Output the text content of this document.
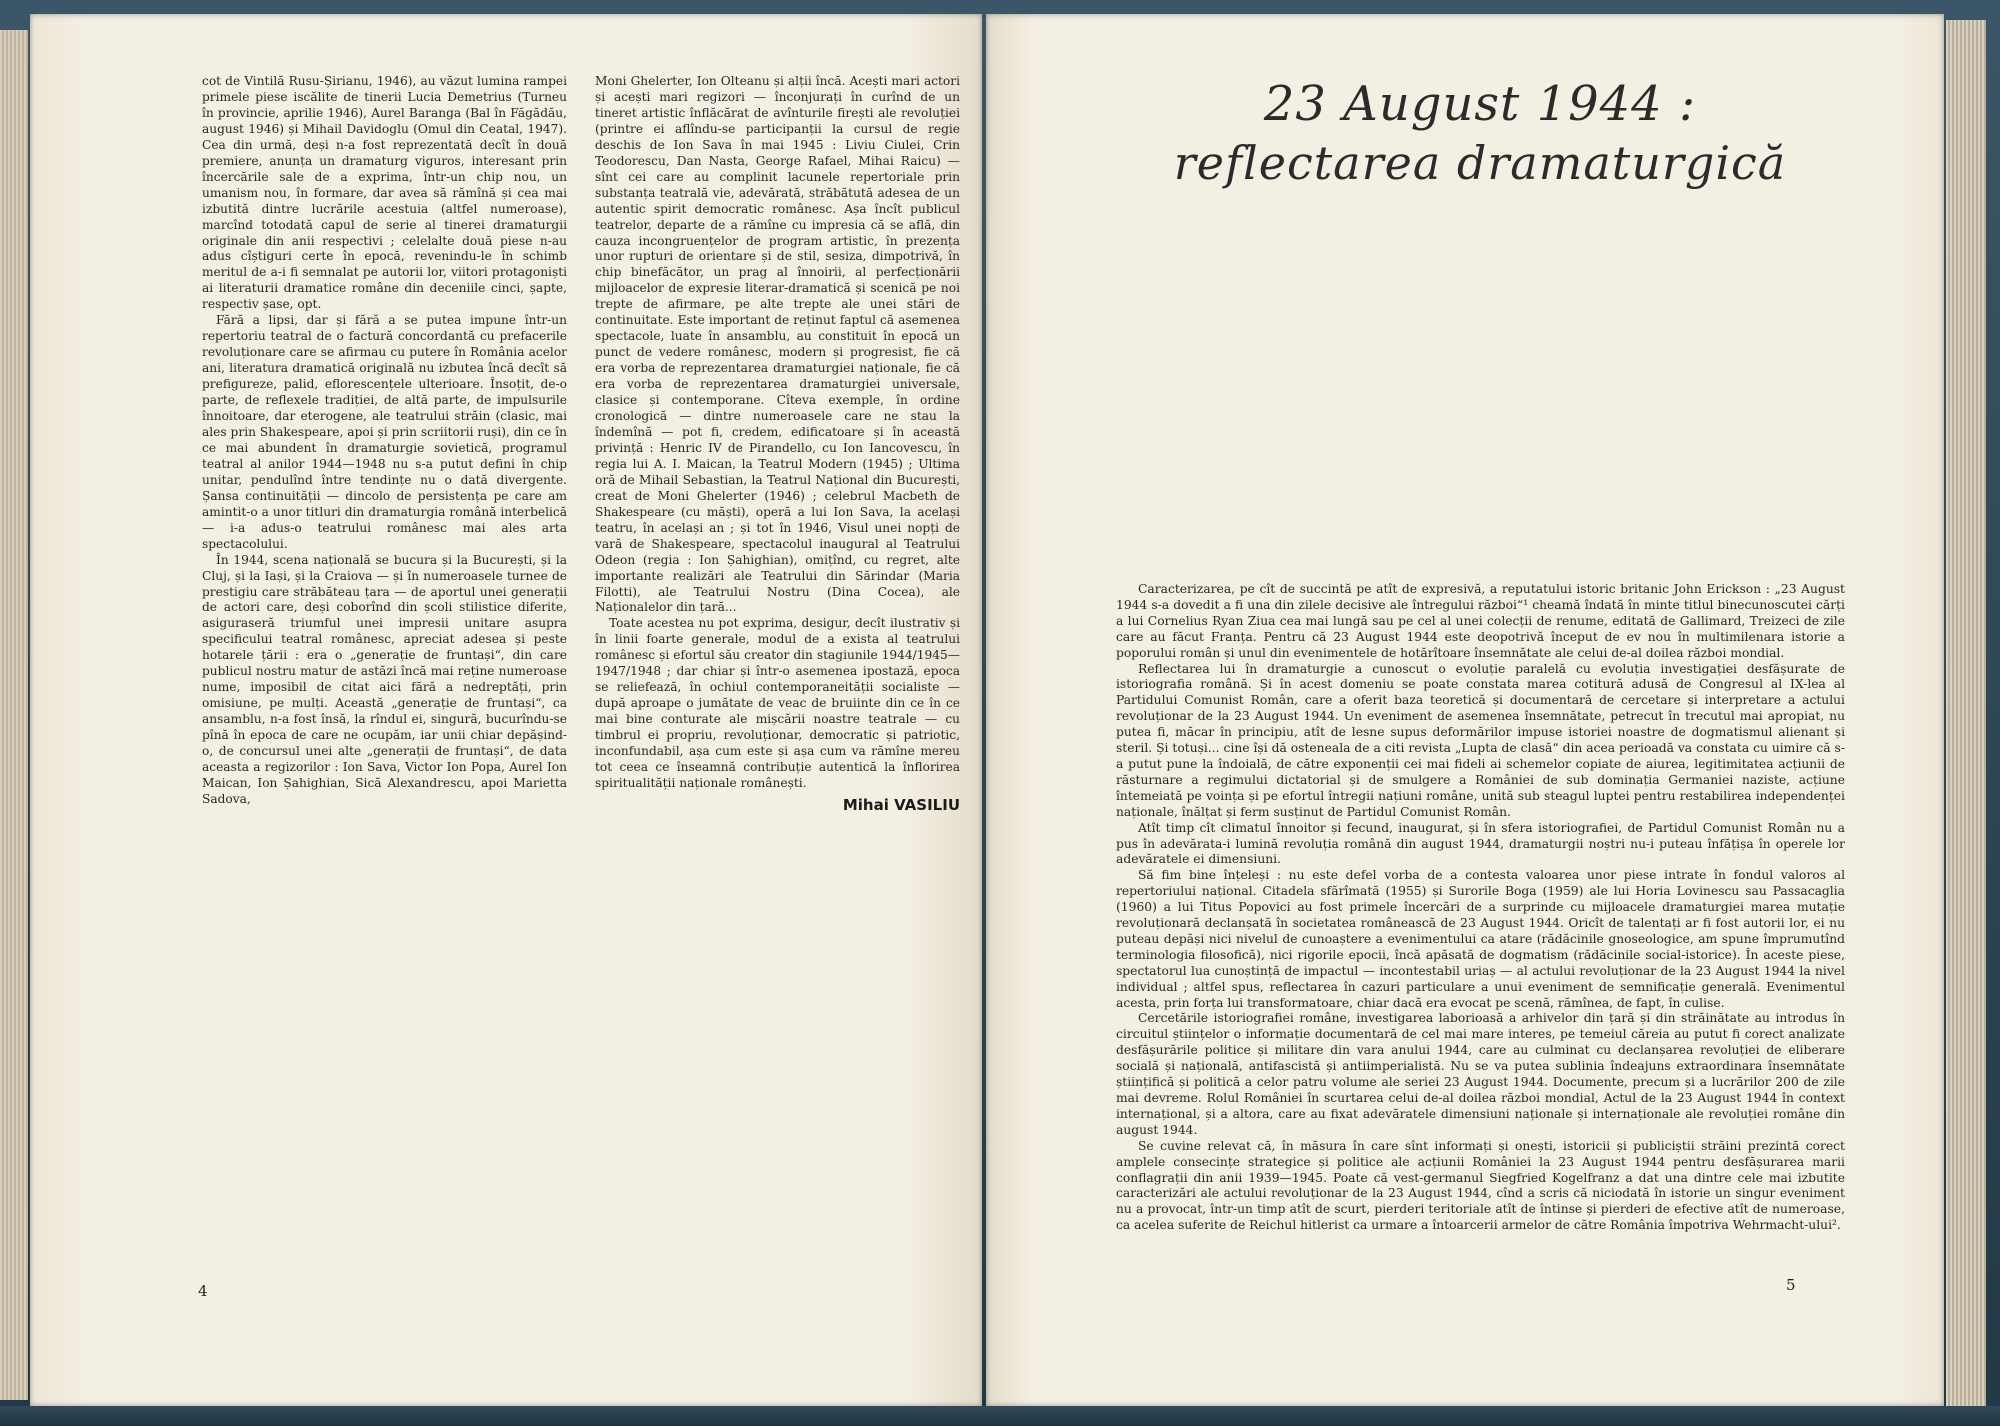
cot de Vintilă Rusu-Șirianu, 1946), au văzut lumina rampei primele piese iscălite de tinerii Lucia Demetrius (Turneu în provincie, aprilie 1946), Aurel Baranga (Bal în Făgădău, august 1946) și Mihail Davidoglu (Omul din Ceatal, 1947). Cea din urmă, deși n-a fost reprezentată decît în două premiere, anunța un dramaturg viguros, interesant prin încercările sale de a exprima, într-un chip nou, un umanism nou, în formare, dar avea să rămînă și cea mai izbutită dintre lucrările acestuia (altfel numeroase), marcînd totodată capul de serie al tinerei dramaturgii originale din anii respectivi ; celelalte două piese n-au adus cîștiguri certe în epocă, revenindu-le în schimb meritul de a-i fi semnalat pe autorii lor, viitori protagoniști ai literaturii dramatice române din deceniile cinci, șapte, respectiv șase, opt.

Fără a lipsi, dar și fără a se putea impune într-un repertoriu teatral de o factură concordantă cu prefacerile revoluționare care se afirmau cu putere în România acelor ani, literatura dramatică originală nu izbutea încă decît să prefigureze, palid, eflorescențele ulterioare. Însoțit, de-o parte, de reflexele tradiției, de altă parte, de impulsurile înnoitoare, dar eterogene, ale teatrului străin (clasic, mai ales prin Shakespeare, apoi și prin scriitorii ruși), din ce în ce mai abundent în dramaturgie sovietică, programul teatral al anilor 1944—1948 nu s-a putut defini în chip unitar, pendulînd între tendințe nu o dată divergente. Șansa continuității — dincolo de persistența pe care am amintit-o a unor titluri din dramaturgia română interbelică — i-a adus-o teatrului românesc mai ales arta spectacolului.

În 1944, scena națională se bucura și la București, și la Cluj, și la Iași, și la Craiova — și în numeroasele turnee de prestigiu care străbăteau țara — de aportul unei generații de actori care, deși coborînd din școli stilistice diferite, asiguraseră triumful unei impresii unitare asupra specificului teatral românesc, apreciat adesea și peste hotarele țării : era o „generație de fruntași“, din care publicul nostru matur de astăzi încă mai reține numeroase nume, imposibil de citat aici fără a nedreptăți, prin omisiune, pe mulți. Această „generație de fruntași“, ca ansamblu, n-a fost însă, la rîndul ei, singură, bucurîndu-se pînă în epoca de care ne ocupăm, iar unii chiar depășind-o, de concursul unei alte „generații de fruntași“, de data aceasta a regizorilor : Ion Sava, Victor Ion Popa, Aurel Ion Maican, Ion Șahighian, Sică Alexandrescu, apoi Marietta Sadova,

Moni Ghelerter, Ion Olteanu și alții încă. Acești mari actori și acești mari regizori — înconjurați în curînd de un tineret artistic înflăcărat de avînturile firești ale revoluției (printre ei aflîndu-se participanții la cursul de regie deschis de Ion Sava în mai 1945 : Liviu Ciulei, Crin Teodorescu, Dan Nasta, George Rafael, Mihai Raicu) — sînt cei care au complinit lacunele repertoriale prin substanța teatrală vie, adevărată, străbătută adesea de un autentic spirit democratic românesc. Așa încît publicul teatrelor, departe de a rămîne cu impresia că se află, din cauza incongruențelor de program artistic, în prezența unor rupturi de orientare și de stil, sesiza, dimpotrivă, în chip binefăcător, un prag al înnoirii, al perfecționării mijloacelor de expresie literar-dramatică și scenică pe noi trepte de afirmare, pe alte trepte ale unei stări de continuitate. Este important de reținut faptul că asemenea spectacole, luate în ansamblu, au constituit în epocă un punct de vedere românesc, modern și progresist, fie că era vorba de reprezentarea dramaturgiei naționale, fie că era vorba de reprezentarea dramaturgiei universale, clasice și contemporane. Cîteva exemple, în ordine cronologică — dintre numeroasele care ne stau la îndemînă — pot fi, credem, edificatoare și în această privință : Henric IV de Pirandello, cu Ion Iancovescu, în regia lui A. I. Maican, la Teatrul Modern (1945) ; Ultima oră de Mihail Sebastian, la Teatrul Național din București, creat de Moni Ghelerter (1946) ; celebrul Macbeth de Shakespeare (cu măști), operă a lui Ion Sava, la același teatru, în același an ; și tot în 1946, Visul unei nopți de vară de Shakespeare, spectacolul inaugural al Teatrului Odeon (regia : Ion Șahighian), omițînd, cu regret, alte importante realizări ale Teatrului din Sărindar (Maria Filotti), ale Teatrului Nostru (Dina Cocea), ale Naționalelor din țară...

Toate acestea nu pot exprima, desigur, decît ilustrativ și în linii foarte generale, modul de a exista al teatrului românesc și efortul său creator din stagiunile 1944/1945—1947/1948 ; dar chiar și într-o asemenea ipostază, epoca se reliefează, în ochiul contemporaneității socialiste — după aproape o jumătate de veac de bruiinte din ce în ce mai bine conturate ale mișcării noastre teatrale — cu timbrul ei propriu, revoluționar, democratic și patriotic, inconfundabil, așa cum este și așa cum va rămîne mereu tot ceea ce înseamnă contribuție autentică la înflorirea spiritualității naționale românești.

Mihai VASILIU
4	5
23 August 1944 :
reflectarea dramaturgică

Caracterizarea, pe cît de succintă pe atît de expresivă, a reputatului istoric britanic John Erickson : „23 August 1944 s-a dovedit a fi una din zilele decisive ale întregului război“¹ cheamă îndată în minte titlul binecunoscutei cărți a lui Cornelius Ryan Ziua cea mai lungă sau pe cel al unei colecții de renume, editată de Gallimard, Treizeci de zile care au făcut Franța. Pentru că 23 August 1944 este deopotrivă început de ev nou în multimilenara istorie a poporului român și unul din evenimentele de hotărîtoare însemnătate ale celui de-al doilea război mondial.

Reflectarea lui în dramaturgie a cunoscut o evoluție paralelă cu evoluția investigației desfășurate de istoriografia română. Și în acest domeniu se poate constata marea cotitură adusă de Congresul al IX-lea al Partidului Comunist Român, care a oferit baza teoretică și documentară de cercetare și interpretare a actului revoluționar de la 23 August 1944. Un eveniment de asemenea însemnătate, petrecut în trecutul mai apropiat, nu putea fi, măcar în principiu, atît de lesne supus deformărilor impuse istoriei noastre de dogmatismul alienant și steril. Și totuși... cine își dă osteneala de a citi revista „Lupta de clasă“ din acea perioadă va constata cu uimire că s-a putut pune la îndoială, de către exponenții cei mai fideli ai schemelor copiate de aiurea, legitimitatea acțiunii de răsturnare a regimului dictatorial și de smulgere a României de sub dominația Germaniei naziste, acțiune întemeiată pe voința și pe efortul întregii națiuni române, unită sub steagul luptei pentru restabilirea independenței naționale, înălțat și ferm susținut de Partidul Comunist Român.

Atît timp cît climatul înnoitor și fecund, inaugurat, și în sfera istoriografiei, de Partidul Comunist Român nu a pus în adevărata-i lumină revoluția română din august 1944, dramaturgii noștri nu-i puteau înfățișa în operele lor adevăratele ei dimensiuni.

Să fim bine înțeleși : nu este defel vorba de a contesta valoarea unor piese intrate în fondul valoros al repertoriului național. Citadela sfărîmată (1955) și Surorile Boga (1959) ale lui Horia Lovinescu sau Passacaglia (1960) a lui Titus Popovici au fost primele încercări de a surprinde cu mijloacele dramaturgiei marea mutație revoluționară declanșată în societatea românească de 23 August 1944. Oricît de talentați ar fi fost autorii lor, ei nu puteau depăși nici nivelul de cunoaștere a evenimentului ca atare (rădăcinile gnoseologice, am spune împrumutînd terminologia filosofică), nici rigorile epocii, încă apăsată de dogmatism (rădăcinile social-istorice). În aceste piese, spectatorul lua cunoștință de impactul — incontestabil uriaș — al actului revoluționar de la 23 August 1944 la nivel individual ; altfel spus, reflectarea în cazuri particulare a unui eveniment de semnificație generală. Evenimentul acesta, prin forța lui transformatoare, chiar dacă era evocat pe scenă, rămînea, de fapt, în culise.

Cercetările istoriografiei române, investigarea laborioasă a arhivelor din țară și din străinătate au introdus în circuitul științelor o informație documentară de cel mai mare interes, pe temeiul căreia au putut fi corect analizate desfășurările politice și militare din vara anului 1944, care au culminat cu declanșarea revoluției de eliberare socială și națională, antifascistă și antiimperialistă. Nu se va putea sublinia îndeajuns extraordinara însemnătate științifică și politică a celor patru volume ale seriei 23 August 1944. Documente, precum și a lucrărilor 200 de zile mai devreme. Rolul României în scurtarea celui de-al doilea război mondial, Actul de la 23 August 1944 în context internațional, și a altora, care au fixat adevăratele dimensiuni naționale și internaționale ale revoluției române din august 1944.

Se cuvine relevat că, în măsura în care sînt informați și onești, istoricii și publiciștii străini prezintă corect amplele consecințe strategice și politice ale acțiunii României la 23 August 1944 pentru desfășurarea marii conflagrații din anii 1939—1945. Poate că vest-germanul Siegfried Kogelfranz a dat una dintre cele mai izbutite caracterizări ale actului revoluționar de la 23 August 1944, cînd a scris că niciodată în istorie un singur eveniment nu a provocat, într-un timp atît de scurt, pierderi teritoriale atît de întinse și pierderi de efective atît de numeroase, ca acelea suferite de Reichul hitlerist ca urmare a întoarcerii armelor de către România împotriva Wehrmacht-ului².
